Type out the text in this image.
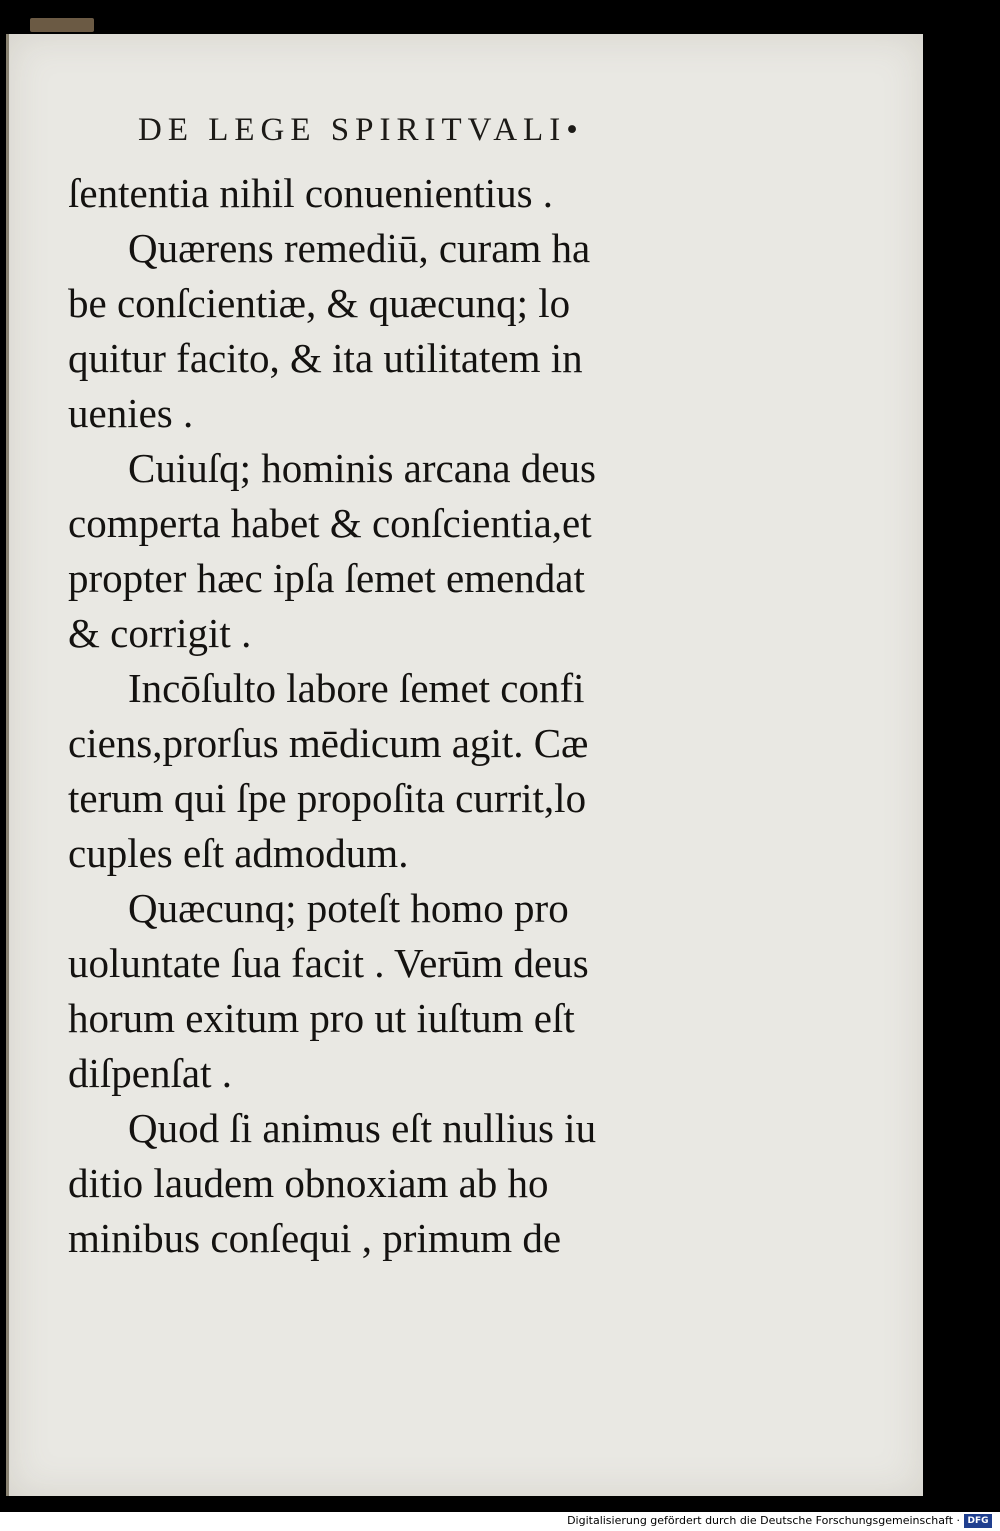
DE LEGE SPIRITVALI•
ſententia nihil conuenientius .
Quærens remediū, curam ha
be conſcientiæ, & quæcunq; lo
quitur facito, & ita utilitatem in
uenies .
Cuiuſq; hominis arcana deus
comperta habet & conſcientia,et
propter hæc ipſa ſemet emendat
& corrigit .
Incōſulto labore ſemet confi
ciens,prorſus mēdicum agit. Cæ
terum qui ſpe propoſita currit,lo
cuples eſt admodum.
Quæcunq; poteſt homo pro
uoluntate ſua facit . Verūm deus
horum exitum pro ut iuſtum eſt
diſpenſat .
Quod ſi animus eſt nullius iu
ditio laudem obnoxiam ab ho
minibus conſequi , primum de
Digitalisierung gefördert durch die Deutsche Forschungsgemeinschaft · DFG
